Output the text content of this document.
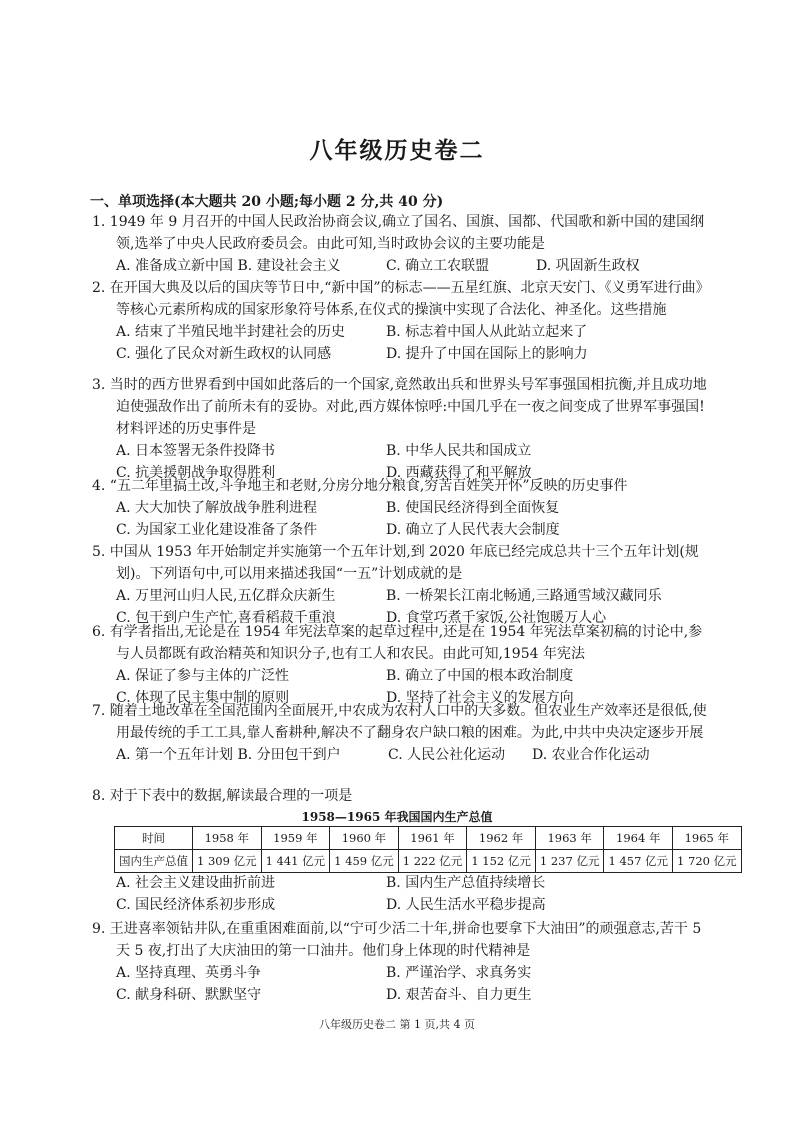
八年级历史卷二
一、单项选择(本大题共 20 小题;每小题 2 分,共 40 分)
1. 1949 年 9 月召开的中国人民政治协商会议,确立了国名、国旗、国都、代国歌和新中国的建国纲领,选举了中央人民政府委员会。由此可知,当时政协会议的主要功能是
A. 准备成立新中国 B. 建设社会主义	C. 确立工农联盟	D. 巩固新生政权
2. 在开国大典及以后的国庆等节日中,“新中国”的标志——五星红旗、北京天安门、《义勇军进行曲》等核心元素所构成的国家形象符号体系,在仪式的操演中实现了合法化、神圣化。这些措施
A. 结束了半殖民地半封建社会的历史	B. 标志着中国人从此站立起来了
C. 强化了民众对新生政权的认同感	D. 提升了中国在国际上的影响力
3. 当时的西方世界看到中国如此落后的一个国家,竟然敢出兵和世界头号军事强国相抗衡,并且成功地迫使强敌作出了前所未有的妥协。对此,西方媒体惊呼:中国几乎在一夜之间变成了世界军事强国! 材料评述的历史事件是
A. 日本签署无条件投降书	B. 中华人民共和国成立
C. 抗美援朝战争取得胜利	D. 西藏获得了和平解放
4. “五二年里搞土改,斗争地主和老财,分房分地分粮食,穷苦百姓笑开怀”反映的历史事件
A. 大大加快了解放战争胜利进程	B. 使国民经济得到全面恢复
C. 为国家工业化建设准备了条件	D. 确立了人民代表大会制度
5. 中国从 1953 年开始制定并实施第一个五年计划,到 2020 年底已经完成总共十三个五年计划(规划)。下列语句中,可以用来描述我国“一五”计划成就的是
A. 万里河山归人民,五亿群众庆新生	B. 一桥架长江南北畅通,三路通雪域汉藏同乐
C. 包干到户生产忙,喜看稻菽千重浪	D. 食堂巧煮千家饭,公社饱暖万人心
6. 有学者指出,无论是在 1954 年宪法草案的起草过程中,还是在 1954 年宪法草案初稿的讨论中,参与人员都既有政治精英和知识分子,也有工人和农民。由此可知,1954 年宪法
A. 保证了参与主体的广泛性	B. 确立了中国的根本政治制度
C. 体现了民主集中制的原则	D. 坚持了社会主义的发展方向
7. 随着土地改革在全国范围内全面展开,中农成为农村人口中的大多数。但农业生产效率还是很低,使用最传统的手工工具,靠人畜耕种,解决不了翻身农户缺口粮的困难。为此,中共中央决定逐步开展
A. 第一个五年计划 B. 分田包干到户	C. 人民公社化运动	D. 农业合作化运动
8. 对于下表中的数据,解读最合理的一项是
1958—1965 年我国国内生产总值
时间	1958 年	1959 年	1960 年	1961 年	1962 年	1963 年	1964 年	1965 年
国内生产总值	1 309 亿元	1 441 亿元	1 459 亿元	1 222 亿元	1 152 亿元	1 237 亿元	1 457 亿元	1 720 亿元
A. 社会主义建设曲折前进	B. 国内生产总值持续增长
C. 国民经济体系初步形成	D. 人民生活水平稳步提高
9. 王进喜率领钻井队,在重重困难面前,以“宁可少活二十年,拼命也要拿下大油田”的顽强意志,苦干 5 天 5 夜,打出了大庆油田的第一口油井。他们身上体现的时代精神是
A. 坚持真理、英勇斗争	B. 严谨治学、求真务实
C. 献身科研、默默坚守	D. 艰苦奋斗、自力更生
八年级历史卷二 第 1 页,共 4 页
